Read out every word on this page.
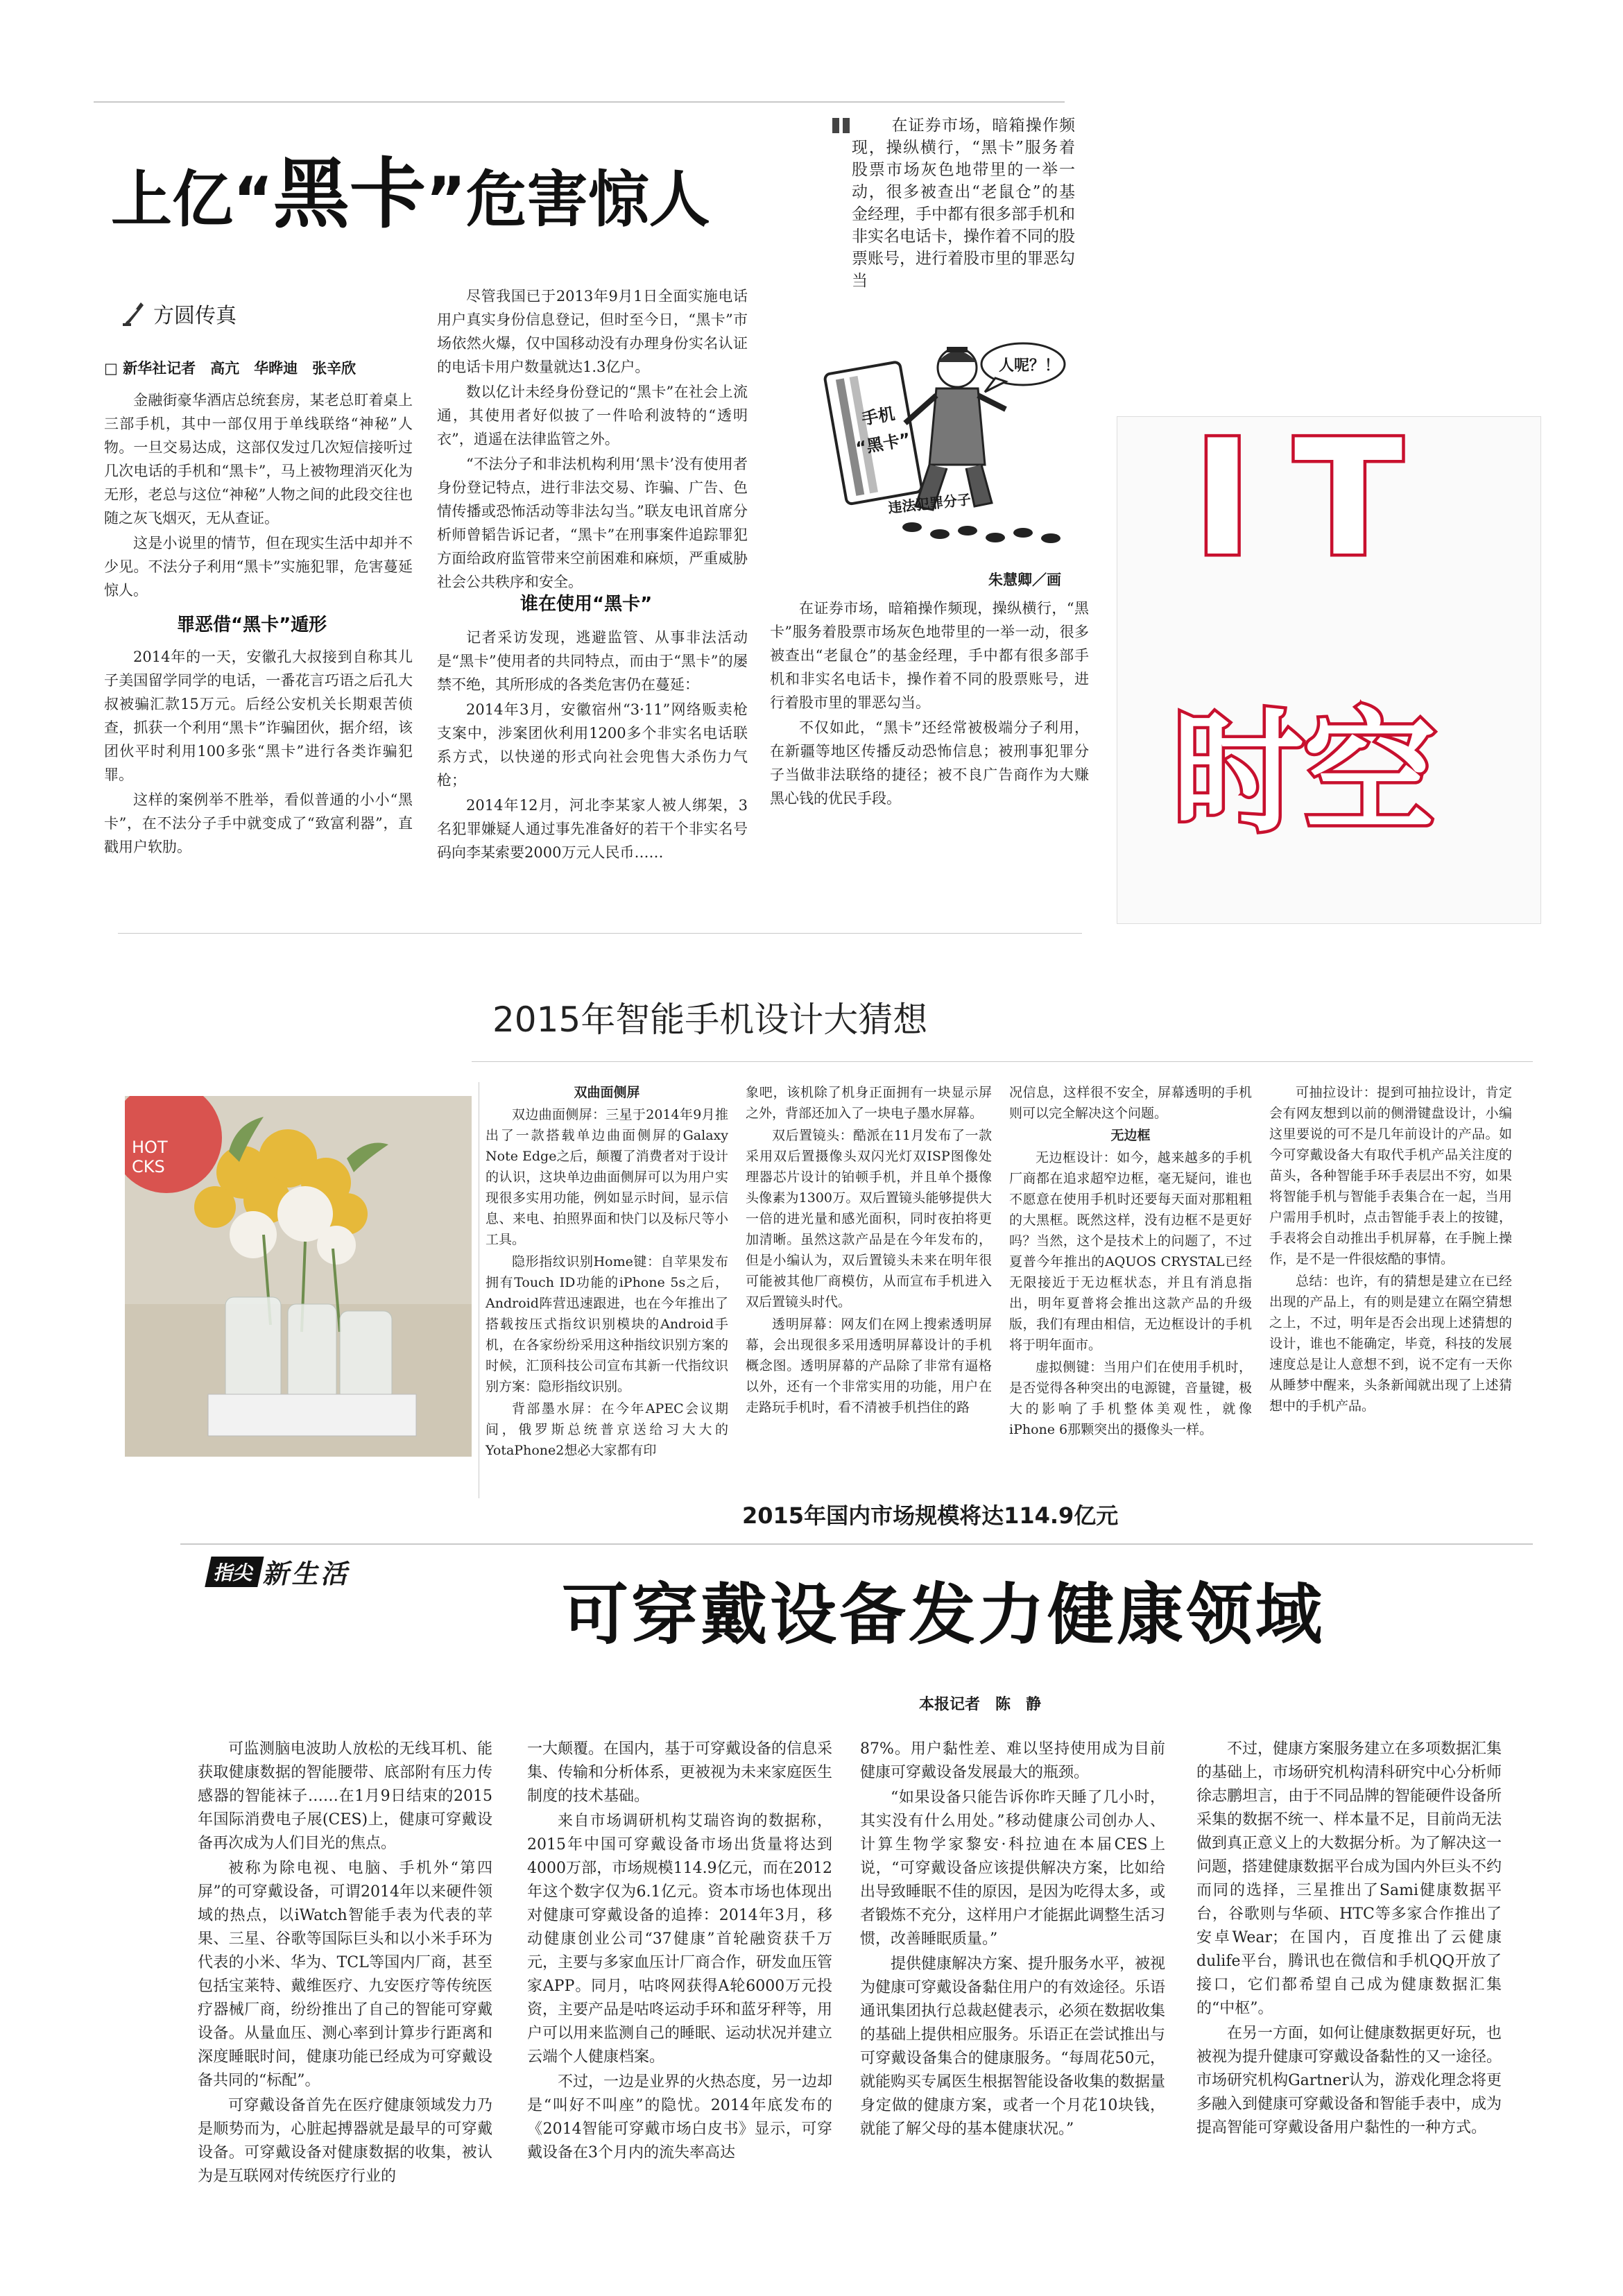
上亿“黑卡”危害惊人
方圆传真
□ 新华社记者　高亢　华晔迪　张辛欣

金融街豪华酒店总统套房，某老总盯着桌上三部手机，其中一部仅用于单线联络“神秘”人物。一旦交易达成，这部仅发过几次短信接听过几次电话的手机和“黑卡”，马上被物理消灭化为无形，老总与这位“神秘”人物之间的此段交往也随之灰飞烟灭，无从查证。

这是小说里的情节，但在现实生活中却并不少见。不法分子利用“黑卡”实施犯罪，危害蔓延惊人。

罪恶借“黑卡”遁形

2014年的一天，安徽孔大叔接到自称其儿子美国留学同学的电话，一番花言巧语之后孔大叔被骗汇款15万元。后经公安机关长期艰苦侦查，抓获一个利用“黑卡”诈骗团伙，据介绍，该团伙平时利用100多张“黑卡”进行各类诈骗犯罪。

这样的案例举不胜举，看似普通的小小“黑卡”，在不法分子手中就变成了“致富利器”，直戳用户软肋。

尽管我国已于2013年9月1日全面实施电话用户真实身份信息登记，但时至今日，“黑卡”市场依然火爆，仅中国移动没有办理身份实名认证的电话卡用户数量就达1.3亿户。

数以亿计未经身份登记的“黑卡”在社会上流通，其使用者好似披了一件哈利波特的“透明衣”，逍遥在法律监管之外。

“不法分子和非法机构利用‘黑卡’没有使用者身份登记特点，进行非法交易、诈骗、广告、色情传播或恐怖活动等非法勾当。”联友电讯首席分析师曾韬告诉记者，“黑卡”在刑事案件追踪罪犯方面给政府监管带来空前困难和麻烦，严重威胁社会公共秩序和安全。

谁在使用“黑卡”

记者采访发现，逃避监管、从事非法活动是“黑卡”使用者的共同特点，而由于“黑卡”的屡禁不绝，其所形成的各类危害仍在蔓延：

2014年3月，安徽宿州“3·11”网络贩卖枪支案中，涉案团伙利用1200多个非实名电话联系方式，以快递的形式向社会兜售大杀伤力气枪；

2014年12月，河北李某家人被人绑架，3名犯罪嫌疑人通过事先准备好的若干个非实名号码向李某索要2000万元人民币……

在证券市场，暗箱操作频现，操纵横行，“黑卡”服务着股票市场灰色地带里的一举一动，很多被查出“老鼠仓”的基金经理，手中都有很多部手机和非实名电话卡，操作着不同的股票账号，进行着股市里的罪恶勾当

人呢？！
手机
“黑卡”
违法犯罪分子
朱慧卿／画

在证券市场，暗箱操作频现，操纵横行，“黑卡”服务着股票市场灰色地带里的一举一动，很多被查出“老鼠仓”的基金经理，手中都有很多部手机和非实名电话卡，操作着不同的股票账号，进行着股市里的罪恶勾当。

不仅如此，“黑卡”还经常被极端分子利用，在新疆等地区传播反动恐怖信息；被刑事犯罪分子当做非法联络的捷径；被不良广告商作为大赚黑心钱的优民手段。

IT
时空
2015年智能手机设计大猜想
HOT
CKS

双曲面侧屏

双边曲面侧屏：三星于2014年9月推出了一款搭载单边曲面侧屏的Galaxy Note Edge之后，颠覆了消费者对于设计的认识，这块单边曲面侧屏可以为用户实现很多实用功能，例如显示时间，显示信息、来电、拍照界面和快门以及标尺等小工具。

隐形指纹识别Home键：自苹果发布拥有Touch ID功能的iPhone 5s之后，Android阵营迅速跟进，也在今年推出了搭载按压式指纹识别模块的Android手机，在各家纷纷采用这种指纹识别方案的时候，汇顶科技公司宣布其新一代指纹识别方案：隐形指纹识别。

背部墨水屏：在今年APEC会议期间，俄罗斯总统普京送给习大大的YotaPhone2想必大家都有印

象吧，该机除了机身正面拥有一块显示屏之外，背部还加入了一块电子墨水屏幕。

双后置镜头：酷派在11月发布了一款采用双后置摄像头双闪光灯双ISP图像处理器芯片设计的铂顿手机，并且单个摄像头像素为1300万。双后置镜头能够提供大一倍的进光量和感光面积，同时夜拍将更加清晰。虽然这款产品是在今年发布的，但是小编认为，双后置镜头未来在明年很可能被其他厂商模仿，从而宣布手机进入双后置镜头时代。

透明屏幕：网友们在网上搜索透明屏幕，会出现很多采用透明屏幕设计的手机概念图。透明屏幕的产品除了非常有逼格以外，还有一个非常实用的功能，用户在走路玩手机时，看不清被手机挡住的路

况信息，这样很不安全，屏幕透明的手机则可以完全解决这个问题。

无边框

无边框设计：如今，越来越多的手机厂商都在追求超窄边框，毫无疑问，谁也不愿意在使用手机时还要每天面对那粗粗的大黑框。既然这样，没有边框不是更好吗？当然，这个是技术上的问题了，不过夏普今年推出的AQUOS CRYSTAL已经无限接近于无边框状态，并且有消息指出，明年夏普将会推出这款产品的升级版，我们有理由相信，无边框设计的手机将于明年面市。

虚拟侧键：当用户们在使用手机时，是否觉得各种突出的电源键，音量键，极大的影响了手机整体美观性，就像iPhone 6那颗突出的摄像头一样。

可抽拉设计：提到可抽拉设计，肯定会有网友想到以前的侧滑键盘设计，小编这里要说的可不是几年前设计的产品。如今可穿戴设备大有取代手机产品关注度的苗头，各种智能手环手表层出不穷，如果将智能手机与智能手表集合在一起，当用户需用手机时，点击智能手表上的按键，手表将会自动推出手机屏幕，在手腕上操作，是不是一件很炫酷的事情。

总结：也许，有的猜想是建立在已经出现的产品上，有的则是建立在隔空猜想之上，不过，明年是否会出现上述猜想的设计，谁也不能确定，毕竟，科技的发展速度总是让人意想不到，说不定有一天你从睡梦中醒来，头条新闻就出现了上述猜想中的手机产品。

2015年国内市场规模将达114.9亿元
指尖 新生活
可穿戴设备发力健康领域
本报记者　陈　静

可监测脑电波助人放松的无线耳机、能获取健康数据的智能腰带、底部附有压力传感器的智能袜子……在1月9日结束的2015年国际消费电子展(CES)上，健康可穿戴设备再次成为人们目光的焦点。

被称为除电视、电脑、手机外“第四屏”的可穿戴设备，可谓2014年以来硬件领域的热点，以iWatch智能手表为代表的苹果、三星、谷歌等国际巨头和以小米手环为代表的小米、华为、TCL等国内厂商，甚至包括宝莱特、戴维医疗、九安医疗等传统医疗器械厂商，纷纷推出了自己的智能可穿戴设备。从量血压、测心率到计算步行距离和深度睡眠时间，健康功能已经成为可穿戴设备共同的“标配”。

可穿戴设备首先在医疗健康领域发力乃是顺势而为，心脏起搏器就是最早的可穿戴设备。可穿戴设备对健康数据的收集，被认为是互联网对传统医疗行业的

一大颠覆。在国内，基于可穿戴设备的信息采集、传输和分析体系，更被视为未来家庭医生制度的技术基础。

来自市场调研机构艾瑞咨询的数据称，2015年中国可穿戴设备市场出货量将达到4000万部，市场规模114.9亿元，而在2012年这个数字仅为6.1亿元。资本市场也体现出对健康可穿戴设备的追捧：2014年3月，移动健康创业公司“37健康”首轮融资获千万元，主要与多家血压计厂商合作，研发血压管家APP。同月，咕咚网获得A轮6000万元投资，主要产品是咕咚运动手环和蓝牙秤等，用户可以用来监测自己的睡眠、运动状况并建立云端个人健康档案。

不过，一边是业界的火热态度，另一边却是“叫好不叫座”的隐忧。2014年底发布的《2014智能可穿戴市场白皮书》显示，可穿戴设备在3个月内的流失率高达

87%。用户黏性差、难以坚持使用成为目前健康可穿戴设备发展最大的瓶颈。

“如果设备只能告诉你昨天睡了几小时，其实没有什么用处。”移动健康公司创办人、计算生物学家黎安·科拉迪在本届CES上说，“可穿戴设备应该提供解决方案，比如给出导致睡眠不佳的原因，是因为吃得太多，或者锻炼不充分，这样用户才能据此调整生活习惯，改善睡眠质量。”

提供健康解决方案、提升服务水平，被视为健康可穿戴设备黏住用户的有效途径。乐语通讯集团执行总裁赵健表示，必须在数据收集的基础上提供相应服务。乐语正在尝试推出与可穿戴设备集合的健康服务。“每周花50元，就能购买专属医生根据智能设备收集的数据量身定做的健康方案，或者一个月花10块钱，就能了解父母的基本健康状况。”

不过，健康方案服务建立在多项数据汇集的基础上，市场研究机构清科研究中心分析师徐志鹏坦言，由于不同品牌的智能硬件设备所采集的数据不统一、样本量不足，目前尚无法做到真正意义上的大数据分析。为了解决这一问题，搭建健康数据平台成为国内外巨头不约而同的选择，三星推出了Sami健康数据平台，谷歌则与华硕、HTC等多家合作推出了安卓Wear；在国内，百度推出了云健康dulife平台，腾讯也在微信和手机QQ开放了接口，它们都希望自己成为健康数据汇集的“中枢”。

在另一方面，如何让健康数据更好玩，也被视为提升健康可穿戴设备黏性的又一途径。市场研究机构Gartner认为，游戏化理念将更多融入到健康可穿戴设备和智能手表中，成为提高智能可穿戴设备用户黏性的一种方式。
